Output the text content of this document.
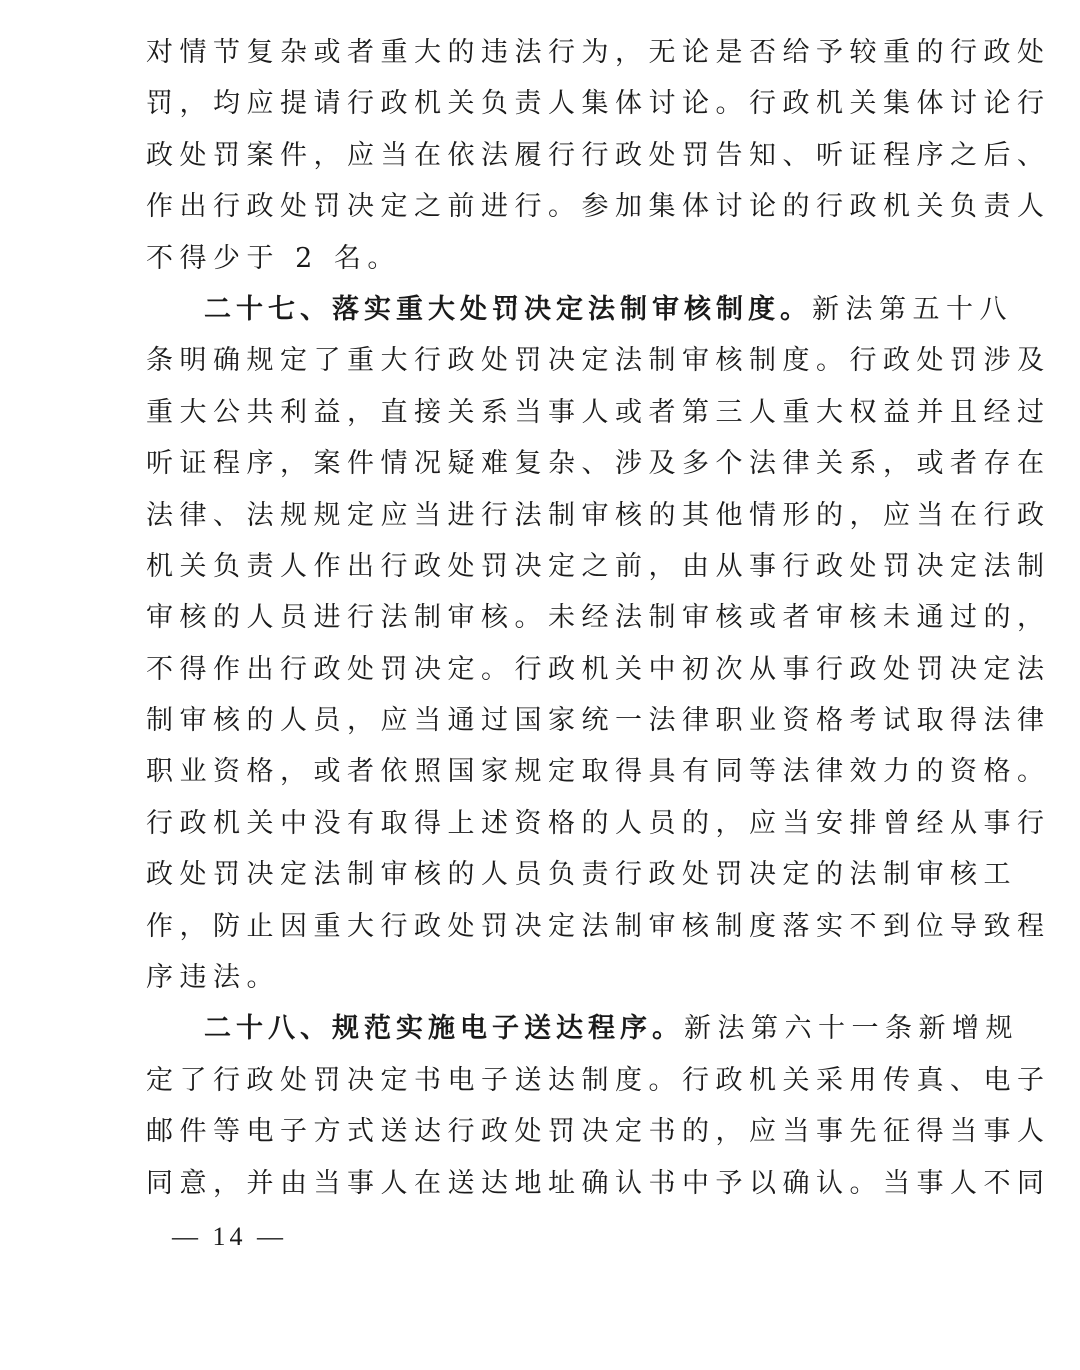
对情节复杂或者重大的违法行为，无论是否给予较重的行政处
罚，均应提请行政机关负责人集体讨论。行政机关集体讨论行
政处罚案件，应当在依法履行行政处罚告知、听证程序之后、
作出行政处罚决定之前进行。参加集体讨论的行政机关负责人
不得少于 2 名。
二十七、落实重大处罚决定法制审核制度。新法第五十八
条明确规定了重大行政处罚决定法制审核制度。行政处罚涉及
重大公共利益，直接关系当事人或者第三人重大权益并且经过
听证程序，案件情况疑难复杂、涉及多个法律关系，或者存在
法律、法规规定应当进行法制审核的其他情形的，应当在行政
机关负责人作出行政处罚决定之前，由从事行政处罚决定法制
审核的人员进行法制审核。未经法制审核或者审核未通过的，
不得作出行政处罚决定。行政机关中初次从事行政处罚决定法
制审核的人员，应当通过国家统一法律职业资格考试取得法律
职业资格，或者依照国家规定取得具有同等法律效力的资格。
行政机关中没有取得上述资格的人员的，应当安排曾经从事行
政处罚决定法制审核的人员负责行政处罚决定的法制审核工
作，防止因重大行政处罚决定法制审核制度落实不到位导致程
序违法。
二十八、规范实施电子送达程序。新法第六十一条新增规
定了行政处罚决定书电子送达制度。行政机关采用传真、电子
邮件等电子方式送达行政处罚决定书的，应当事先征得当事人
同意，并由当事人在送达地址确认书中予以确认。当事人不同
— 14 —
